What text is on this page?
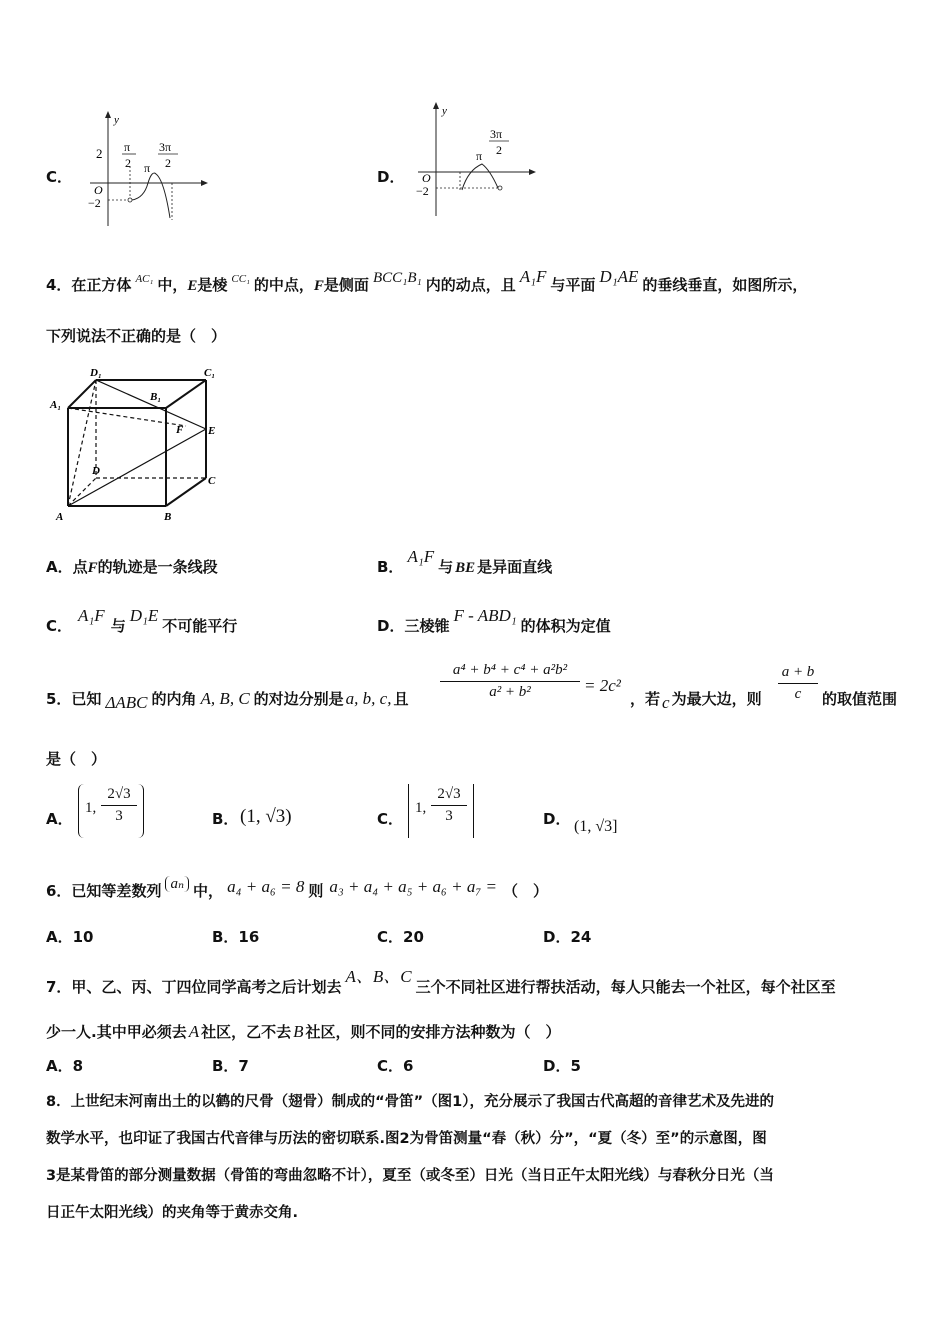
C．
y
2 π
2 π
3π
2
O
−2
D．
y
3π
2
π
O
−2
4．在正方体 $^{AC_1}$ 中，E是棱 $^{CC_1}$ 的中点，F是侧面 BCC₁B₁ 内的动点，且 A₁F 与平面 D₁AE 的垂线垂直，如图所示，
下列说法不正确的是（　）
D₁	C₁
B₁
A₁
F E
D
C
A	B
A．点F的轨迹是一条线段	B．A₁F与 BE 是异面直线
C．A₁F与D₁E不可能平行	D．三棱锥F - ABD₁的体积为定值
5．已知 ΔABC 的内角 A, B, C 的对边分别是 a, b, c, 且
a⁴ + b⁴ + c⁴ + a²b²
a² + b²	= 2c²
，若 c 为最大边，则
a + b
c	的取值范围
是（　）
A．
1,
2√3
3	B． (1, √3)	C．
1,
2√3
3	D． (1, √3]
6．已知等差数列 aₙ 中， a₄ + a₆ = 8 则 a₃ + a₄ + a₅ + a₆ + a₇ = （　）
A．10	B．16	C．20	D．24
7．甲、乙、丙、丁四位同学高考之后计划去A、B、C三个不同社区进行帮扶活动，每人只能去一个社区，每个社区至
少一人.其中甲必须去 A 社区，乙不去 B 社区，则不同的安排方法种数为（　）
A．8	B．7	C．6	D．5
8．上世纪末河南出土的以鹤的尺骨（翅骨）制成的“骨笛”（图1），充分展示了我国古代高超的音律艺术及先进的
数学水平，也印证了我国古代音律与历法的密切联系.图2为骨笛测量“春（秋）分”，“夏（冬）至”的示意图，图
3是某骨笛的部分测量数据（骨笛的弯曲忽略不计），夏至（或冬至）日光（当日正午太阳光线）与春秋分日光（当
日正午太阳光线）的夹角等于黄赤交角.
